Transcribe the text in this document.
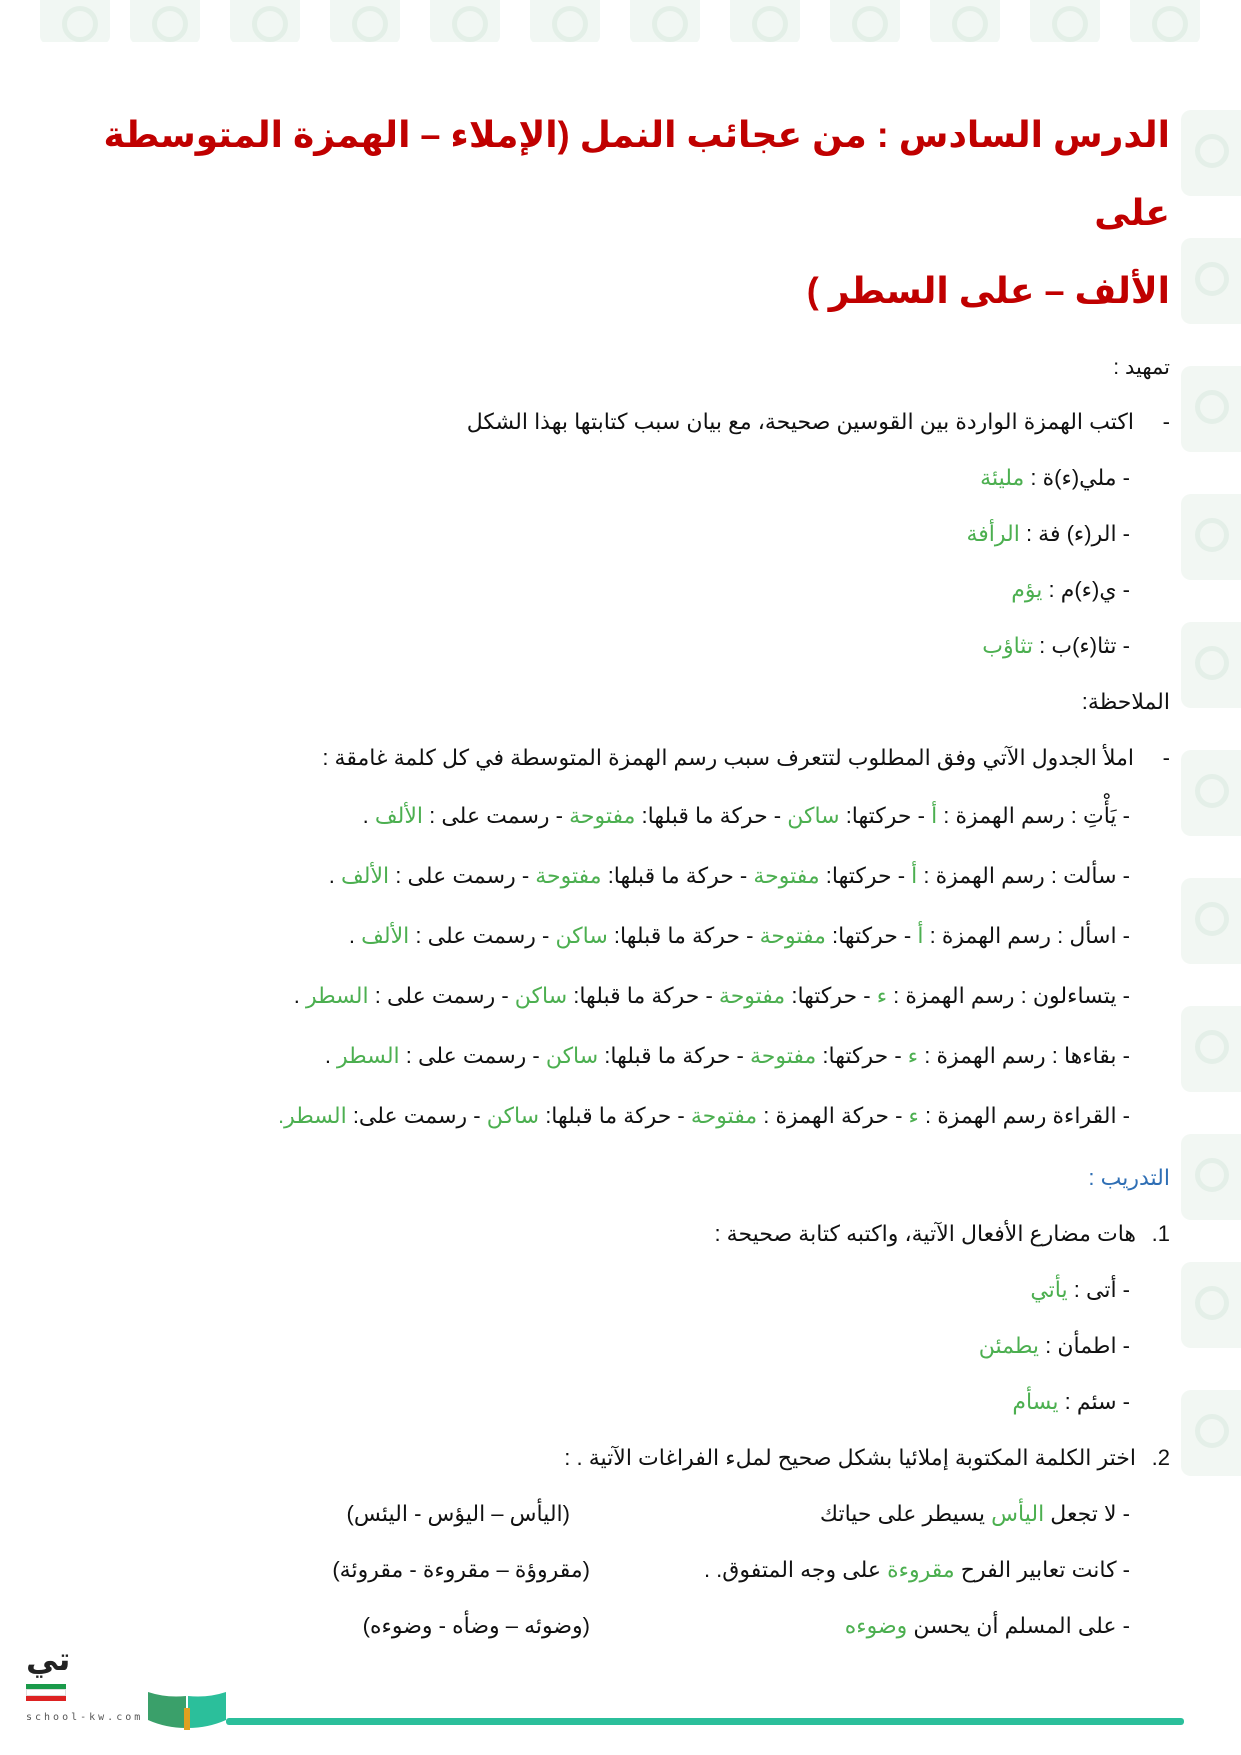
الدرس السادس : من عجائب النمل (الإملاء – الهمزة المتوسطة على
الألف – على السطر )
تمهيد :
-اكتب الهمزة الواردة بين القوسين صحيحة، مع بيان سبب كتابتها بهذا الشكل
- ملي(ء)ة : مليئة
- الر(ء) فة : الرأفة
- ي(ء)م : يؤم
- تثا(ء)ب : تثاؤب
الملاحظة:
-املأ الجدول الآتي وفق المطلوب لتتعرف سبب رسم الهمزة المتوسطة في كل كلمة غامقة :
- يَأْتِ : رسم الهمزة : أ - حركتها: ساكن - حركة ما قبلها: مفتوحة - رسمت على : الألف .
- سألت : رسم الهمزة : أ - حركتها: مفتوحة - حركة ما قبلها: مفتوحة - رسمت على : الألف .
- اسأل : رسم الهمزة : أ - حركتها: مفتوحة - حركة ما قبلها: ساكن - رسمت على : الألف .
- يتساءلون : رسم الهمزة : ء - حركتها: مفتوحة - حركة ما قبلها: ساكن - رسمت على : السطر .
- بقاءها : رسم الهمزة : ء - حركتها: مفتوحة - حركة ما قبلها: ساكن - رسمت على : السطر .
- القراءة رسم الهمزة : ء - حركة الهمزة : مفتوحة - حركة ما قبلها: ساكن - رسمت على: السطر.
التدريب :
1.هات مضارع الأفعال الآتية، واكتبه كتابة صحيحة :
- أتى : يأتي
- اطمأن : يطمئن
- سئم : يسأم
2.اختر الكلمة المكتوبة إملائيا بشكل صحيح لملء الفراغات الآتية . :
- لا تجعل اليأس يسيطر على حياتك
(اليأس – اليؤس - اليئس)
- كانت تعابير الفرح مقروءة على وجه المتفوق. .
(مقروؤة – مقروءة - مقروئة)
- على المسلم أن يحسن وضوءه
(وضوئه – وضأه - وضوءه)
تي
school-kw.com
